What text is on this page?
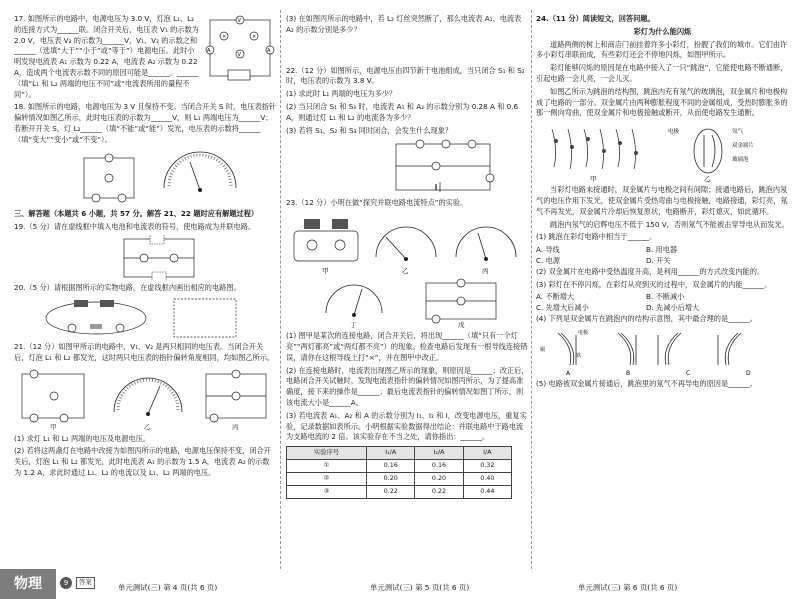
17. 如图所示的电路中，电源电压为 3.0 V，灯泡 L₁、L₂ 的连接方式为______联。闭合开关后，电压表 V₁ 的示数为 2.0 V，电压表 V₂ 的示数为______V，V₁、V₂ 的示数之和______（选填“大于”“小于”或“等于”）电源电压。此时小明发现电流表 A₁ 示数为 0.22 A，电流表 A₂ 示数为 0.22 A，造成两个电流表示数不同的原因可能是______。______（填“L₁ 和 L₂ 两端的电压不同”或“电流表所用的量程不同”）。

V
×	×
A	A
V

18. 如图所示的电路，电源电压为 3 V 且保持不变。当闭合开关 S 时，电压表指针偏转情况如图乙所示，此时电压表的示数为______V，则 L₁ 两端电压为______V；若断开开关 S，灯 L₂______（填“不能”或“能”）发光，电压表的示数将______（填“变大”“变小”或“不变”）。

三、解答题（本题共 6 小题，共 57 分。解答 21、22 题时应有解题过程）

19.（5 分）请在虚线框中填入电池和电流表的符号，使电路成为并联电路。

20.（5 分）请根据图所示的实物电路，在虚线框内画出相应的电路图。

21.（12 分）如图甲所示的电路中，V₁、V₂ 是两只相同的电压表。当闭合开关后，灯泡 L₁ 和 L₂ 都发光，这时两只电压表的指针偏转角度相同，均如图乙所示。

甲	乙	丙

(1) 求灯 L₁ 和 L₂ 两端的电压及电源电压。

(2) 若将这两盏灯在电路中改接为如图丙所示的电路，电源电压保持不变，闭合开关后，灯泡 L₁ 和 L₂ 都发光，此时电流表 A₁ 的示数为 1.5 A，电流表 A₂ 的示数为 1.2 A，求此时通过 L₁、L₂ 的电流以及 L₁、L₂ 两端的电压。

物理	9	答案
单元测试(三) 第 4 页(共 6 页)

(3) 在如图丙所示的电路中，若 L₂ 灯丝突然断了，那么电流表 A₁、电流表 A₂ 的示数分别是多少？

22.（12 分）如图所示，电源电压由四节新干电池组成，当只闭合 S₁ 和 S₂ 时，电压表的示数为 3.8 V。

(1) 求此时 L₁ 两端的电压为多少？

(2) 当只闭合 S₁ 和 S₃ 时，电流表 A₁ 和 A₂ 的示数分别为 0.28 A 和 0.6 A，则通过灯 L₁ 和 L₂ 的电流各为多少？

(3) 若将 S₁、S₂ 和 S₃ 同时闭合，会发生什么现象？

23.（12 分）小明在做“探究并联电路电流特点”的实验。

甲	乙	丙
丁	戊

(1) 图甲是某次的连接电路，闭合开关后，将出现______（填“只有一个灯亮”“两灯都亮”或“两灯都不亮”）的现象。检查电路后发现有一根导线连接错误，请你在这根导线上打“×”，并在图甲中改正。

(2) 在连接电路时，电流表出现图乙所示的现象，则原因是______；改正后，电路闭合开关试触时，发现电流表指针的偏转情况如图丙所示，为了提高准确度，接下来的操作是______；最后电流表指针的偏转情况如图丁所示，则该电流大小是______A。

(3) 若电流表 A₁、A₂ 和 A 的示数分别为 I₁、I₂ 和 I，改变电源电压，重复实验，记录数据如表所示。小明根据实验数据得出结论：并联电路中干路电流为支路电流的 2 倍。该实验存在不当之处，请你指出：______。

实验序号	I₁/A	I₂/A	I/A
①	0.16	0.16	0.32
②	0.20	0.20	0.40
③	0.22	0.22	0.44
单元测试(三) 第 5 页(共 6 页)

24.（11 分）阅读短文，回答问题。

彩灯为什么能闪烁

道路两侧的树上和商店门前挂着许多小彩灯，扮靓了我们的城市。它们由许多小彩灯串联而成，有些彩灯还会不停地闪烁，如图甲所示。

彩灯能够闪烁的原因是在电路中接入了一只“跳泡”，它能使电路不断通断，引起电路一会儿亮，一会儿灭。

如图乙所示为跳泡的结构图，跳泡内充有氖气的玻璃泡，双金属片和电极构成了电路的一部分。双金属片由两种膨胀程度不同的金属组成，受热时膨胀多的那一侧向弯曲，使双金属片和电极接触或断开，从而使电路发生通断。

电极	氖气
双金属片
玻璃泡
甲	乙

当彩灯电路未接通时，双金属片与电极之间有间隙；接通电路后，跳泡内氖气的电压作用下发光，使双金属片受热弯曲与电极接触，电路接通，彩灯亮，氖气不再发光，双金属片冷却后恢复原状，电路断开，彩灯熄灭，如此循环。

跳泡内氖气的启辉电压不低于 150 V，否则氖气不能被击穿导电从而发光。

(1) 跳泡在彩灯电路中相当于______。

A. 导线	B. 用电器C. 电源	D. 开关

(2) 双金属片在电路中受热温度升高，是利用______的方式改变内能的。

(3) 彩灯在不停闪烁，在彩灯从亮到灭的过程中，双金属片的内能______。

A. 不断增大	B. 不断减小C. 先增大后减小	D. 先减小后增大

(4) 下列是双金属片在跳泡内的结构示意图，其中最合理的是______。

电极
铜
铁
A	B	C	D

(5) 电路被双金属片接通后，跳泡里的氖气不再导电的原因是______。

单元测试(三) 第 6 页(共 6 页)
